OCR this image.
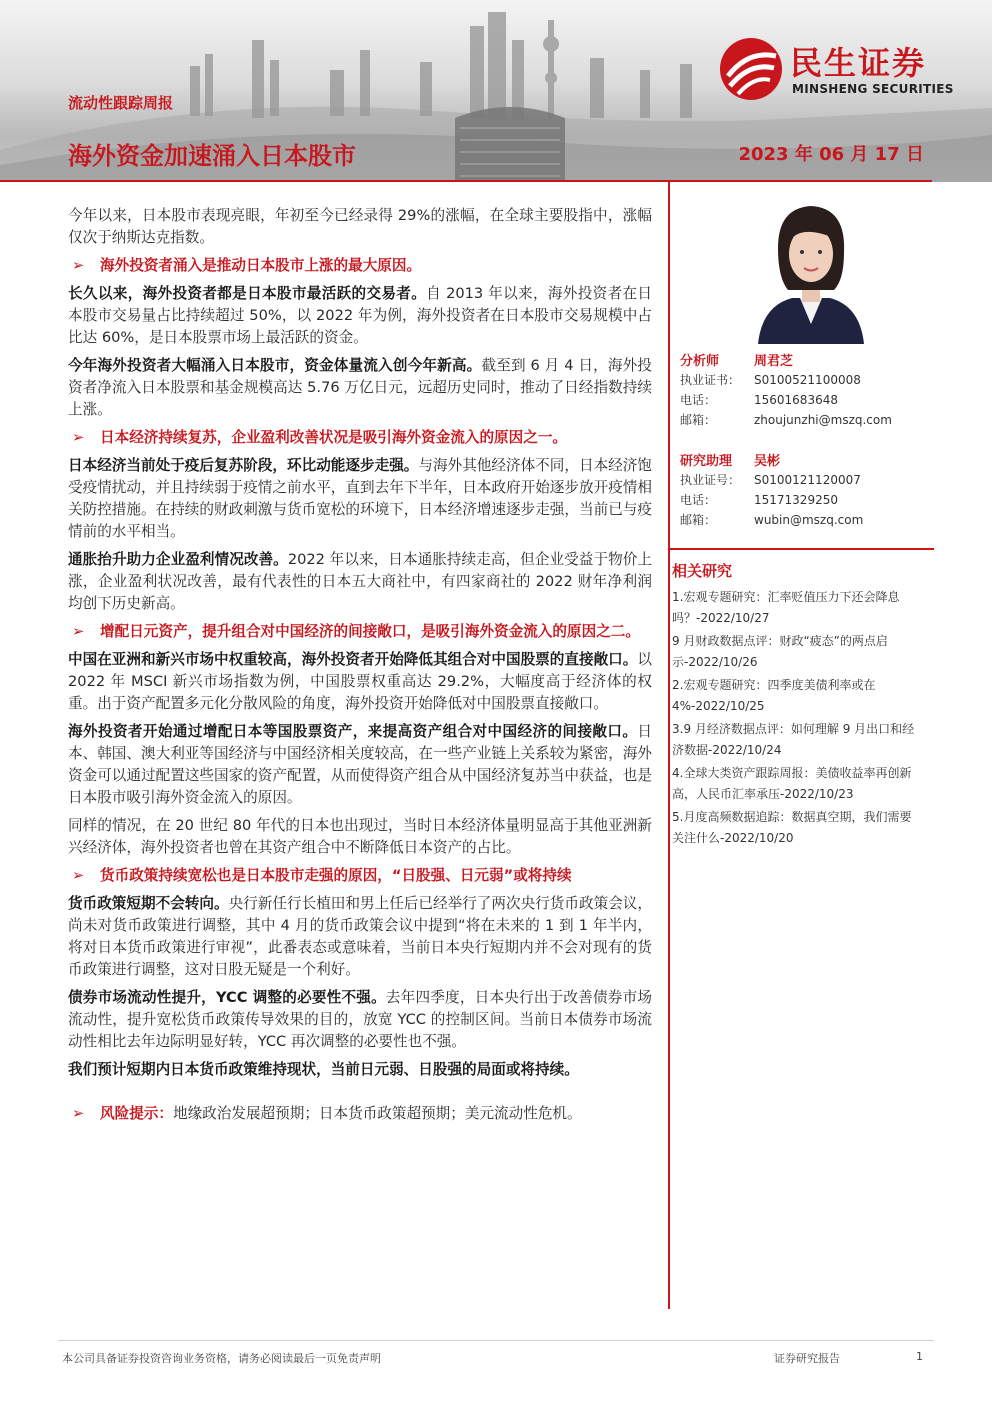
民生证券
MINSHENG SECURITIES
流动性跟踪周报
海外资金加速涌入日本股市	2023 年 06 月 17 日

今年以来，日本股市表现亮眼，年初至今已经录得 29%的涨幅，在全球主要股指中，涨幅仅次于纳斯达克指数。

➢ 海外投资者涌入是推动日本股市上涨的最大原因。

长久以来，海外投资者都是日本股市最活跃的交易者。自 2013 年以来，海外投资者在日本股市交易量占比持续超过 50%，以 2022 年为例，海外投资者在日本股市交易规模中占比达 60%，是日本股票市场上最活跃的资金。

今年海外投资者大幅涌入日本股市，资金体量流入创今年新高。截至到 6 月 4 日，海外投资者净流入日本股票和基金规模高达 5.76 万亿日元，远超历史同时，推动了日经指数持续上涨。

➢ 日本经济持续复苏，企业盈利改善状况是吸引海外资金流入的原因之一。

日本经济当前处于疫后复苏阶段，环比动能逐步走强。与海外其他经济体不同，日本经济饱受疫情扰动，并且持续弱于疫情之前水平，直到去年下半年，日本政府开始逐步放开疫情相关防控措施。在持续的财政刺激与货币宽松的环境下，日本经济增速逐步走强，当前已与疫情前的水平相当。

通胀抬升助力企业盈利情况改善。2022 年以来，日本通胀持续走高，但企业受益于物价上涨，企业盈利状况改善，最有代表性的日本五大商社中，有四家商社的 2022 财年净利润均创下历史新高。

➢ 增配日元资产，提升组合对中国经济的间接敞口，是吸引海外资金流入的原因之二。

中国在亚洲和新兴市场中权重较高，海外投资者开始降低其组合对中国股票的直接敞口。以 2022 年 MSCI 新兴市场指数为例，中国股票权重高达 29.2%，大幅度高于经济体的权重。出于资产配置多元化分散风险的角度，海外投资开始降低对中国股票直接敞口。

海外投资者开始通过增配日本等国股票资产，来提高资产组合对中国经济的间接敞口。日本、韩国、澳大利亚等国经济与中国经济相关度较高，在一些产业链上关系较为紧密，海外资金可以通过配置这些国家的资产配置，从而使得资产组合从中国经济复苏当中获益，也是日本股市吸引海外资金流入的原因。

同样的情况，在 20 世纪 80 年代的日本也出现过，当时日本经济体量明显高于其他亚洲新兴经济体，海外投资者也曾在其资产组合中不断降低日本资产的占比。

➢ 货币政策持续宽松也是日本股市走强的原因，“日股强、日元弱”或将持续

货币政策短期不会转向。央行新任行长植田和男上任后已经举行了两次央行货币政策会议，尚未对货币政策进行调整，其中 4 月的货币政策会议中提到“将在未来的 1 到 1 年半内，将对日本货币政策进行审视”，此番表态或意味着，当前日本央行短期内并不会对现有的货币政策进行调整，这对日股无疑是一个利好。

债券市场流动性提升，YCC 调整的必要性不强。去年四季度，日本央行出于改善债券市场流动性，提升宽松货币政策传导效果的目的，放宽 YCC 的控制区间。当前日本债券市场流动性相比去年边际明显好转，YCC 再次调整的必要性也不强。

我们预计短期内日本货币政策维持现状，当前日元弱、日股强的局面或将持续。

➢ 风险提示：地缘政治发展超预期；日本货币政策超预期；美元流动性危机。
分析师	周君芝
执业证书： S0100521100008
电话：	15601683648
邮箱：	zhoujunzhi@mszq.com
研究助理 吴彬
执业证号： S0100121120007
电话：	15171329250
邮箱：	wubin@mszq.com
相关研究
1.宏观专题研究：汇率贬值压力下还会降息吗？-2022/10/27
9 月财政数据点评：财政“疲态”的两点启示-2022/10/26
2.宏观专题研究：四季度美债利率或在 4%-2022/10/25
3.9 月经济数据点评：如何理解 9 月出口和经济数据-2022/10/24
4.全球大类资产跟踪周报：美债收益率再创新高，人民币汇率承压-2022/10/23
5.月度高频数据追踪：数据真空期，我们需要关注什么-2022/10/20
本公司具备证券投资咨询业务资格，请务必阅读最后一页免责声明	证券研究报告	1
